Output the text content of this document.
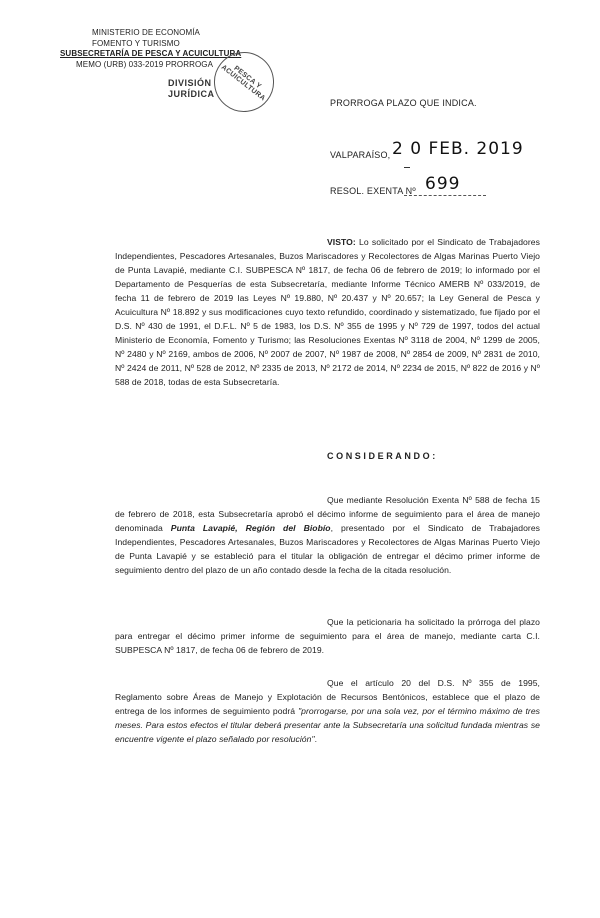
MINISTERIO DE ECONOMÍA
FOMENTO Y TURISMO
SUBSECRETARÍA DE PESCA Y ACUICULTURA
MEMO (URB) 033-2019 PRORROGA
DIVISIÓN
JURÍDICA
PESCA Y ACUICULTURA
PRORROGA PLAZO QUE INDICA.
VALPARAÍSO, 2 0 FEB. 2019
RESOL. EXENTA Nº 699
VISTO: Lo solicitado por el Sindicato de Trabajadores Independientes, Pescadores Artesanales, Buzos Mariscadores y Recolectores de Algas Marinas Puerto Viejo de Punta Lavapié, mediante C.I. SUBPESCA Nº 1817, de fecha 06 de febrero de 2019; lo informado por el Departamento de Pesquerías de esta Subsecretaría, mediante Informe Técnico AMERB Nº 033/2019, de fecha 11 de febrero de 2019 las Leyes Nº 19.880, Nº 20.437 y Nº 20.657; la Ley General de Pesca y Acuicultura Nº 18.892 y sus modificaciones cuyo texto refundido, coordinado y sistematizado, fue fijado por el D.S. Nº 430 de 1991, el D.F.L. Nº 5 de 1983, los D.S. Nº 355 de 1995 y Nº 729 de 1997, todos del actual Ministerio de Economía, Fomento y Turismo; las Resoluciones Exentas Nº 3118 de 2004, Nº 1299 de 2005, Nº 2480 y Nº 2169, ambos de 2006, Nº 2007 de 2007, Nº 1987 de 2008, Nº 2854 de 2009, Nº 2831 de 2010, Nº 2424 de 2011, Nº 528 de 2012, Nº 2335 de 2013, Nº 2172 de 2014, Nº 2234 de 2015, Nº 822 de 2016 y Nº 588 de 2018, todas de esta Subsecretaría.
CONSIDERANDO:
Que mediante Resolución Exenta Nº 588 de fecha 15 de febrero de 2018, esta Subsecretaría aprobó el décimo informe de seguimiento para el área de manejo denominada Punta Lavapié, Región del Biobío, presentado por el Sindicato de Trabajadores Independientes, Pescadores Artesanales, Buzos Mariscadores y Recolectores de Algas Marinas Puerto Viejo de Punta Lavapié y se estableció para el titular la obligación de entregar el décimo primer informe de seguimiento dentro del plazo de un año contado desde la fecha de la citada resolución.
Que la peticionaria ha solicitado la prórroga del plazo para entregar el décimo primer informe de seguimiento para el área de manejo, mediante carta C.I. SUBPESCA Nº 1817, de fecha 06 de febrero de 2019.
Que el artículo 20 del D.S. Nº 355 de 1995, Reglamento sobre Áreas de Manejo y Explotación de Recursos Bentónicos, establece que el plazo de entrega de los informes de seguimiento podrá "prorrogarse, por una sola vez, por el término máximo de tres meses. Para estos efectos el titular deberá presentar ante la Subsecretaría una solicitud fundada mientras se encuentre vigente el plazo señalado por resolución".
